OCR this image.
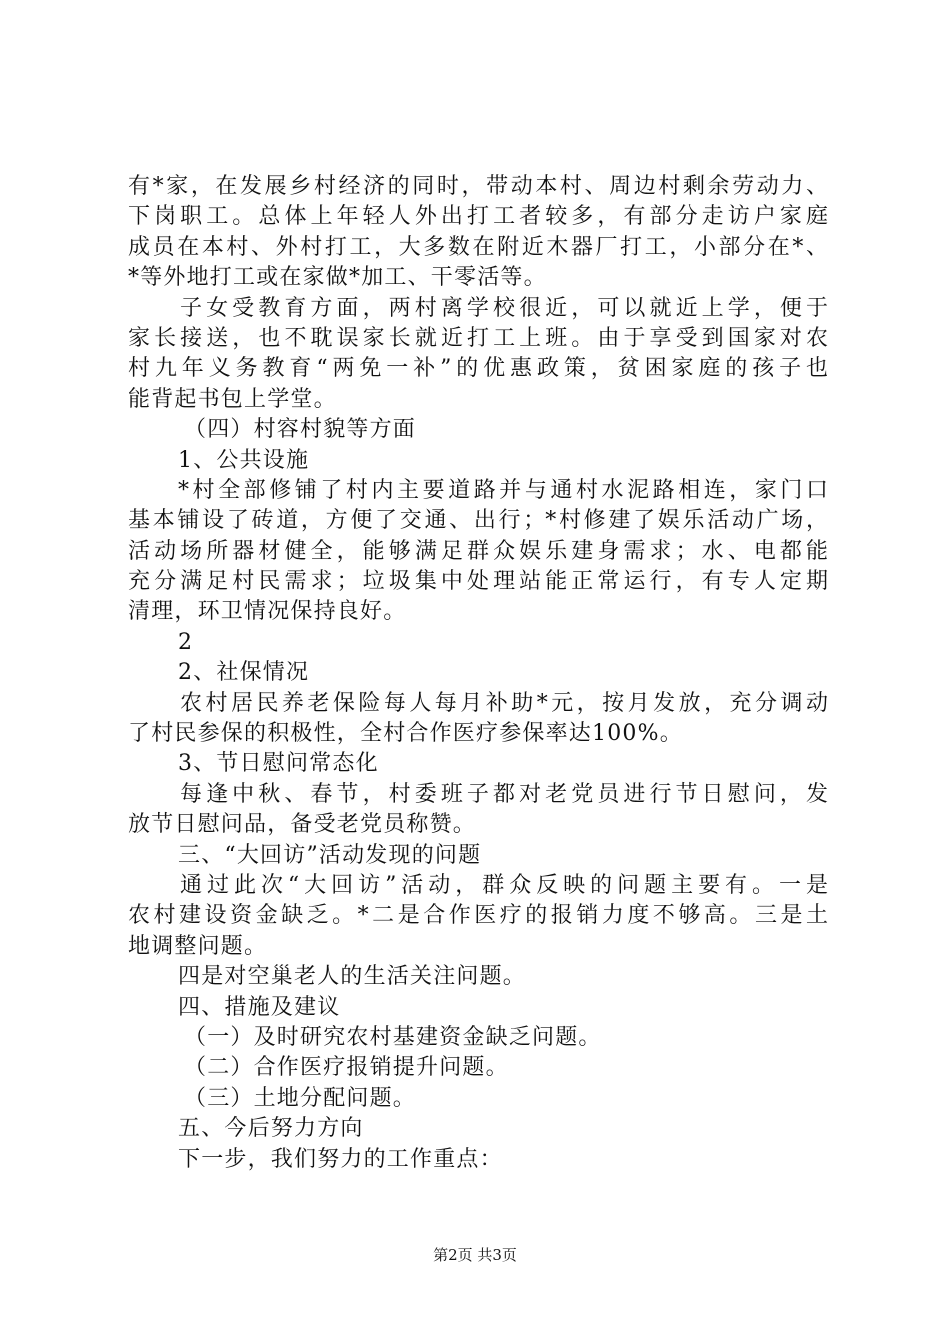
有*家，在发展乡村经济的同时，带动本村、周边村剩余劳动力、
下岗职工。总体上年轻人外出打工者较多，有部分走访户家庭
成员在本村、外村打工，大多数在附近木器厂打工，小部分在*、
*等外地打工或在家做*加工、干零活等。
子女受教育方面，两村离学校很近，可以就近上学，便于
家长接送，也不耽误家长就近打工上班。由于享受到国家对农
村九年义务教育“两免一补”的优惠政策，贫困家庭的孩子也
能背起书包上学堂。
（四）村容村貌等方面
1、公共设施
*村全部修铺了村内主要道路并与通村水泥路相连，家门口
基本铺设了砖道，方便了交通、出行；*村修建了娱乐活动广场，
活动场所器材健全，能够满足群众娱乐建身需求；水、电都能
充分满足村民需求；垃圾集中处理站能正常运行，有专人定期
清理，环卫情况保持良好。
2
2、社保情况
农村居民养老保险每人每月补助*元，按月发放，充分调动
了村民参保的积极性，全村合作医疗参保率达100%。
3、节日慰问常态化
每逢中秋、春节，村委班子都对老党员进行节日慰问，发
放节日慰问品，备受老党员称赞。
三、“大回访”活动发现的问题
通过此次“大回访”活动，群众反映的问题主要有。一是
农村建设资金缺乏。*二是合作医疗的报销力度不够高。三是土
地调整问题。
四是对空巢老人的生活关注问题。
四、措施及建议
（一）及时研究农村基建资金缺乏问题。
（二）合作医疗报销提升问题。
（三）土地分配问题。
五、今后努力方向
下一步，我们努力的工作重点：
第2页 共3页
